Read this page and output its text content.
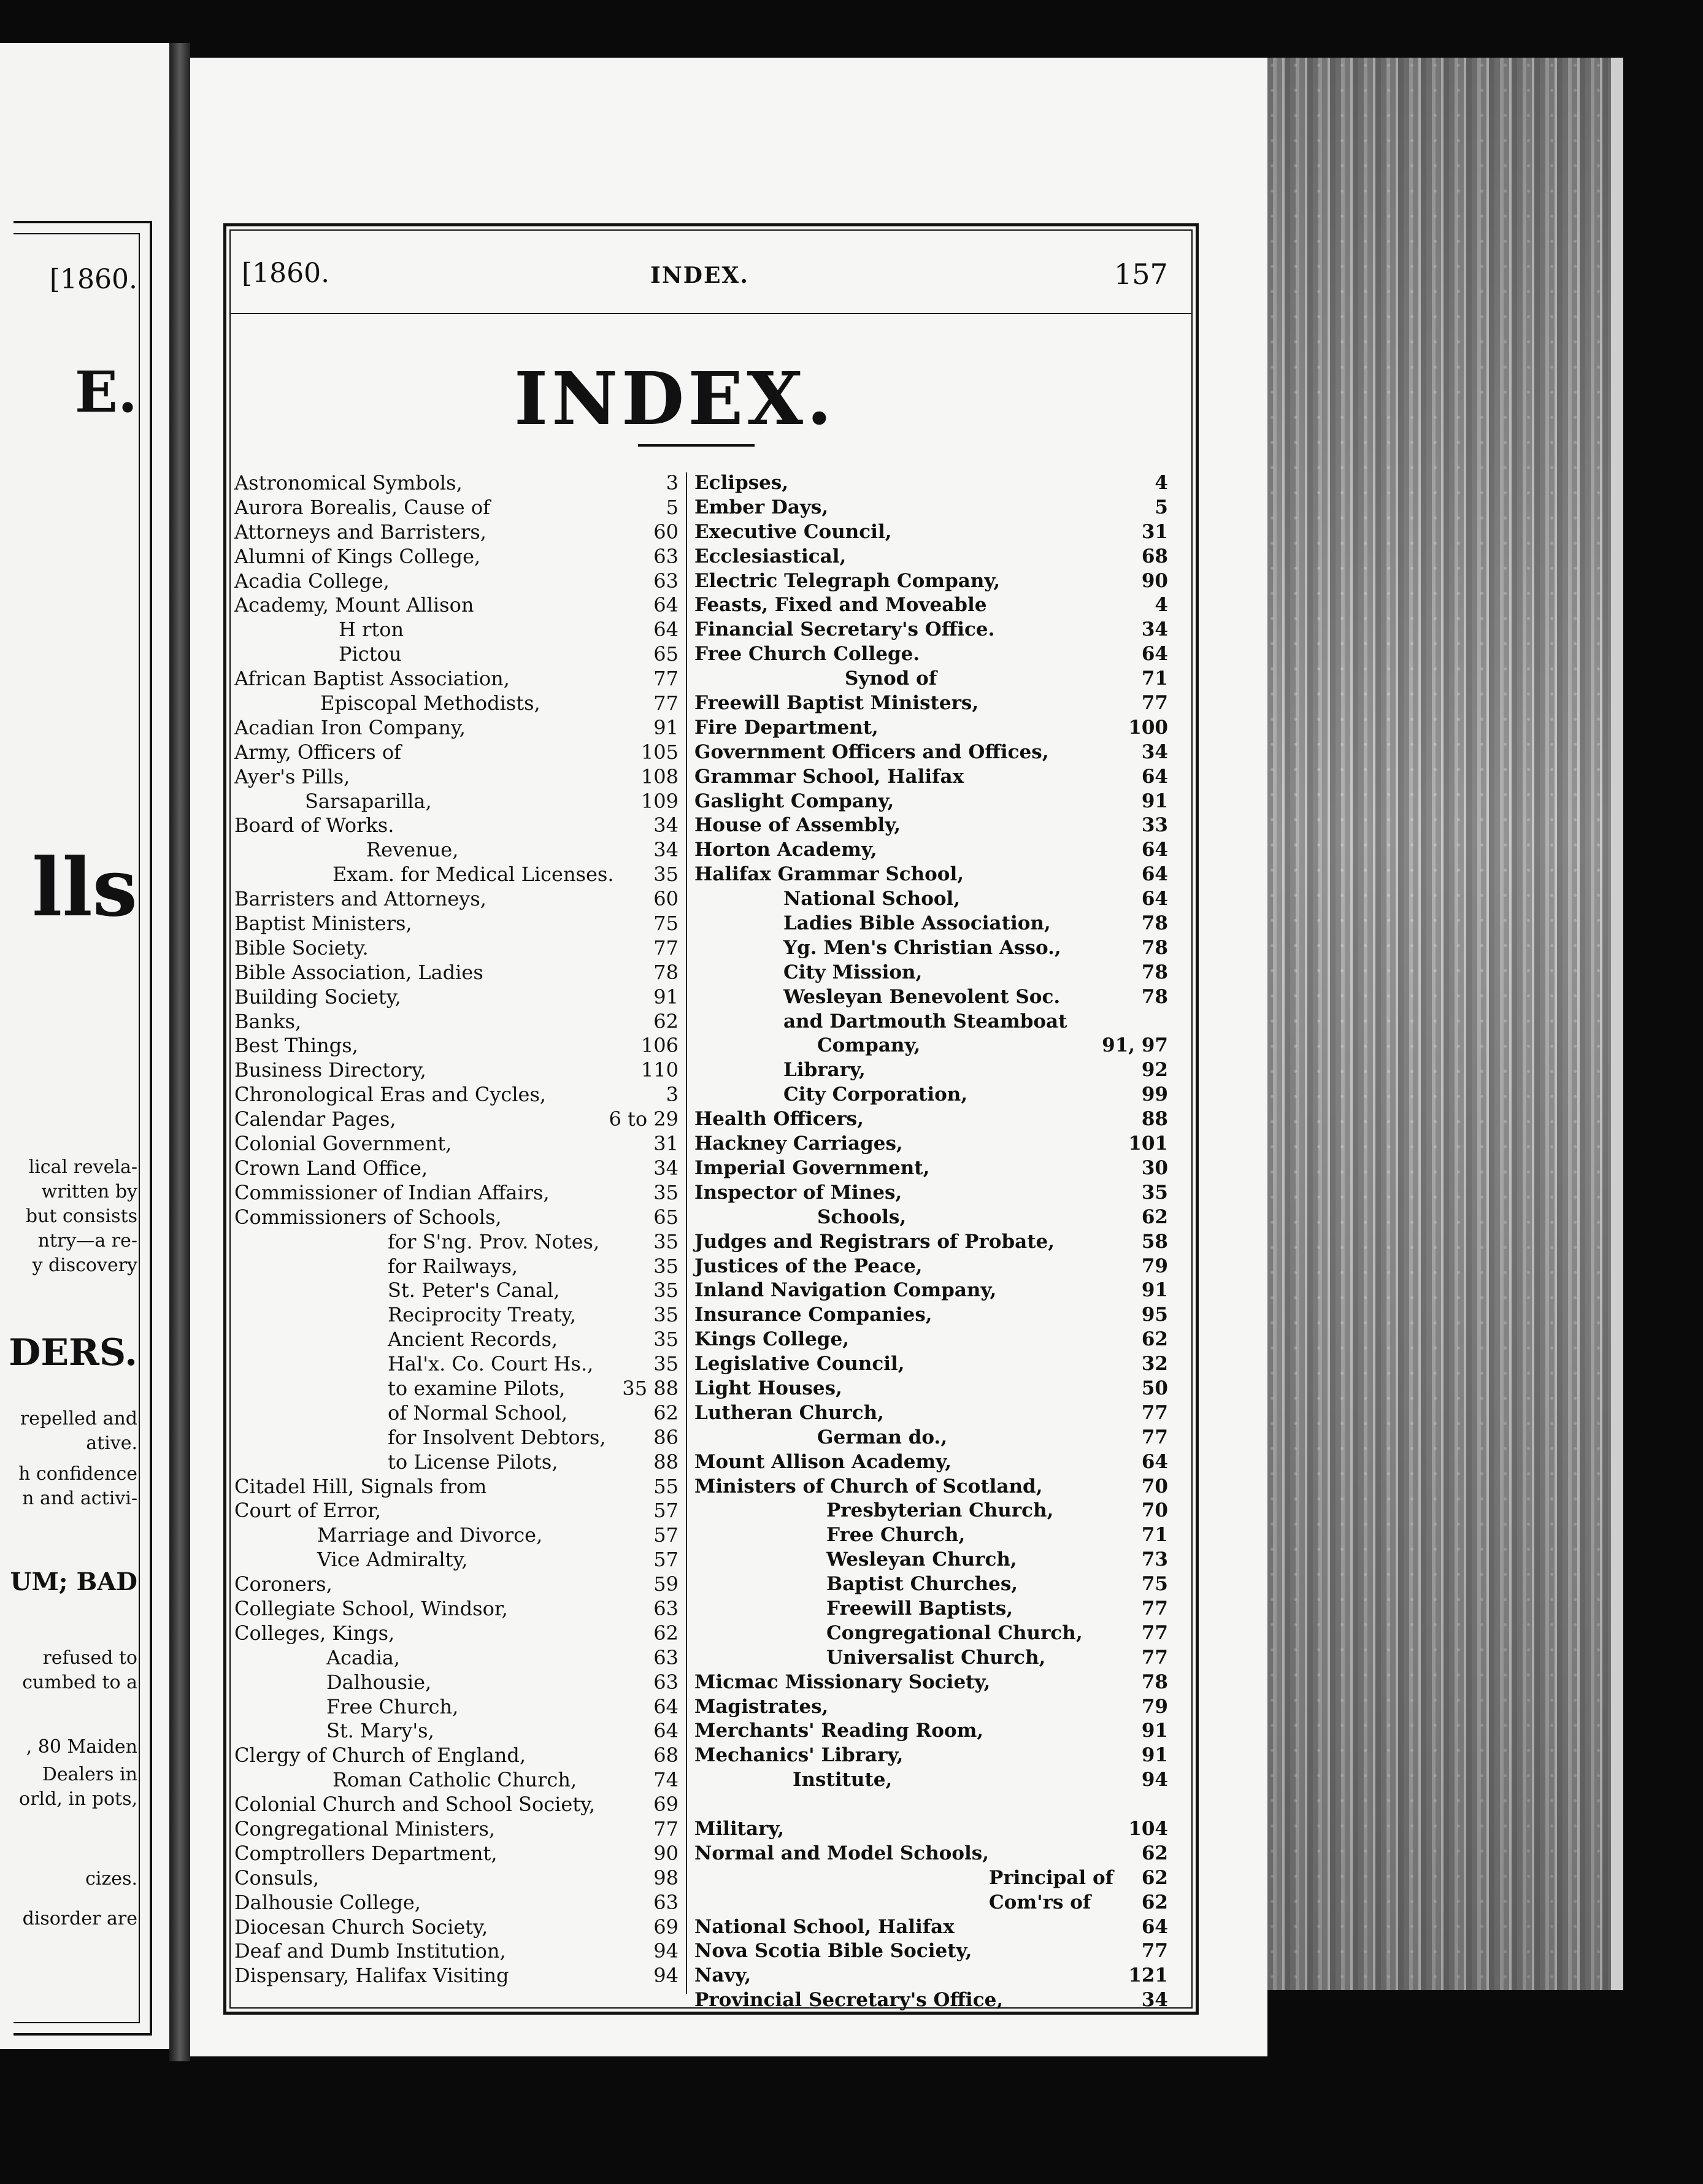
[1860.
E.
lls
lical revela-
written by
but consists
ntry—a re-
y discovery
DERS.
repelled and
ative.
h confidence
n and activi-
UM; BAD
refused to
cumbed to a
, 80 Maiden
Dealers in
orld, in pots,
cizes.
disorder are
[1860.	INDEX.	157
INDEX.
Astronomical Symbols,	3
Aurora Borealis, Cause of	5
Attorneys and Barristers,	60
Alumni of Kings College,	63
Acadia College,	63
Academy, Mount Allison	64
H rton	64
Pictou	65
African Baptist Association,	77
Episcopal Methodists,	77
Acadian Iron Company,	91
Army, Officers of	105
Ayer's Pills,	108
Sarsaparilla,	109
Board of Works.	34
Revenue,	34
Exam. for Medical Licenses. 35
Barristers and Attorneys,	60
Baptist Ministers,	75
Bible Society.	77
Bible Association, Ladies	78
Building Society,	91
Banks,	62
Best Things,	106
Business Directory,	110
Chronological Eras and Cycles,	3
Calendar Pages,	6 to 29
Colonial Government,	31
Crown Land Office,	34
Commissioner of Indian Affairs,	35
Commissioners of Schools,	65
for S'ng. Prov. Notes,	35
for Railways,	35
St. Peter's Canal,	35
Reciprocity Treaty,	35
Ancient Records,	35
Hal'x. Co. Court Hs.,	35
to examine Pilots,	35 88
of Normal School,	62
for Insolvent Debtors, 86
to License Pilots,	88
Citadel Hill, Signals from	55
Court of Error,	57
Marriage and Divorce,	57
Vice Admiralty,	57
Coroners,	59
Collegiate School, Windsor,	63
Colleges, Kings,	62
Acadia,	63
Dalhousie,	63
Free Church,	64
St. Mary's,	64
Clergy of Church of England,	68
Roman Catholic Church,	74
Colonial Church and School Society,	69
Congregational Ministers,	77
Comptrollers Department,	90
Consuls,	98
Dalhousie College,	63
Diocesan Church Society,	69
Deaf and Dumb Institution,	94
Dispensary, Halifax Visiting	94
Eclipses,	4
Ember Days,	5
Executive Council,	31
Ecclesiastical,	68
Electric Telegraph Company,	90
Feasts, Fixed and Moveable	4
Financial Secretary's Office.	34
Free Church College.	64
Synod of	71
Freewill Baptist Ministers,	77
Fire Department,	100
Government Officers and Offices,	34
Grammar School, Halifax	64
Gaslight Company,	91
House of Assembly,	33
Horton Academy,	64
Halifax Grammar School,	64
National School,	64
Ladies Bible Association,	78
Yg. Men's Christian Asso.,	78
City Mission,	78
Wesleyan Benevolent Soc.	78
and Dartmouth Steamboat
Company,	91, 97
Library,	92
City Corporation,	99
Health Officers,	88
Hackney Carriages,	101
Imperial Government,	30
Inspector of Mines,	35
Schools,	62
Judges and Registrars of Probate,	58
Justices of the Peace,	79
Inland Navigation Company,	91
Insurance Companies,	95
Kings College,	62
Legislative Council,	32
Light Houses,	50
Lutheran Church,	77
German do.,	77
Mount Allison Academy,	64
Ministers of Church of Scotland,	70
Presbyterian Church,	70
Free Church,	71
Wesleyan Church,	73
Baptist Churches,	75
Freewill Baptists,	77
Congregational Church,	77
Universalist Church,	77
Micmac Missionary Society,	78
Magistrates,	79
Merchants' Reading Room,	91
Mechanics' Library,	91
Institute,	94
Military,	104
Normal and Model Schools,	62
Principal of 62
Com'rs of	62
National School, Halifax	64
Nova Scotia Bible Society,	77
Navy,	121
Provincial Secretary's Office,	34
